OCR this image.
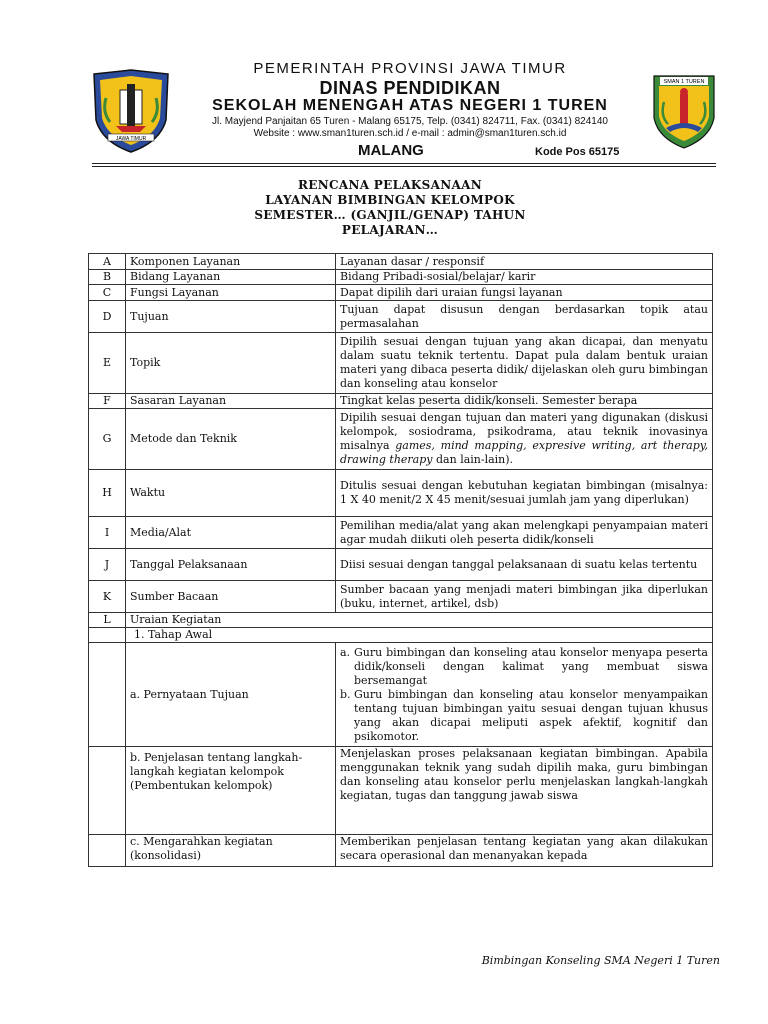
JAWA TIMUR
SMAN 1 TUREN
PEMERINTAH PROVINSI JAWA TIMUR
DINAS PENDIDIKAN
SEKOLAH MENENGAH ATAS NEGERI 1 TUREN
Jl. Mayjend Panjaitan 65 Turen - Malang 65175, Telp. (0341) 824711, Fax. (0341) 824140
Website : www.sman1turen.sch.id / e-mail : admin@sman1turen.sch.id
MALANG	Kode Pos 65175
RENCANA PELAKSANAAN
LAYANAN BIMBINGAN KELOMPOK
SEMESTER… (GANJIL/GENAP) TAHUN
PELAJARAN…
A	Komponen Layanan	Layanan dasar / responsif
B	Bidang Layanan	Bidang Pribadi-sosial/belajar/ karir
C	Fungsi Layanan	Dapat dipilih dari uraian fungsi layanan
D	Tujuan	Tujuan dapat disusun dengan berdasarkan topik atau permasalahan
E	Topik	Dipilih sesuai dengan tujuan yang akan dicapai, dan menyatu dalam suatu teknik tertentu. Dapat pula dalam bentuk uraian materi yang dibaca peserta didik/ dijelaskan oleh guru bimbingan dan konseling atau konselor
F	Sasaran Layanan	Tingkat kelas peserta didik/konseli. Semester berapa
G	Metode dan Teknik	Dipilih sesuai dengan tujuan dan materi yang digunakan (diskusi kelompok, sosiodrama, psikodrama, atau teknik inovasinya misalnya games, mind mapping, expresive writing, art therapy, drawing therapy dan lain-lain).
H	Waktu	Ditulis sesuai dengan kebutuhan kegiatan bimbingan (misalnya: 1 X 40 menit/2 X 45 menit/sesuai jumlah jam yang diperlukan)
I	Media/Alat	Pemilihan media/alat yang akan melengkapi penyampaian materi agar mudah diikuti oleh peserta didik/konseli
J	Tanggal Pelaksanaan	Diisi sesuai dengan tanggal pelaksanaan di suatu kelas tertentu
K	Sumber Bacaan	Sumber bacaan yang menjadi materi bimbingan jika diperlukan (buku, internet, artikel, dsb)
L	Uraian Kegiatan	
	1. Tahap Awal	
	a. Pernyataan Tujuan	a. Guru bimbingan dan konseling atau konselor menyapa peserta didik/konseli dengan kalimat yang membuat siswa bersemangat
b. Guru bimbingan dan konseling atau konselor menyampaikan tentang tujuan bimbingan yaitu sesuai dengan tujuan khusus yang akan dicapai meliputi aspek afektif, kognitif dan psikomotor.

	b. Penjelasan tentang langkah-langkah kegiatan kelompok (Pembentukan kelompok)	Menjelaskan proses pelaksanaan kegiatan bimbingan. Apabila menggunakan teknik yang sudah dipilih maka, guru bimbingan dan konseling atau konselor perlu menjelaskan langkah-langkah kegiatan, tugas dan tanggung jawab siswa
	c. Mengarahkan kegiatan (konsolidasi)	Memberikan penjelasan tentang kegiatan yang akan dilakukan secara operasional dan menanyakan kepada
Bimbingan Konseling SMA Negeri 1 Turen
